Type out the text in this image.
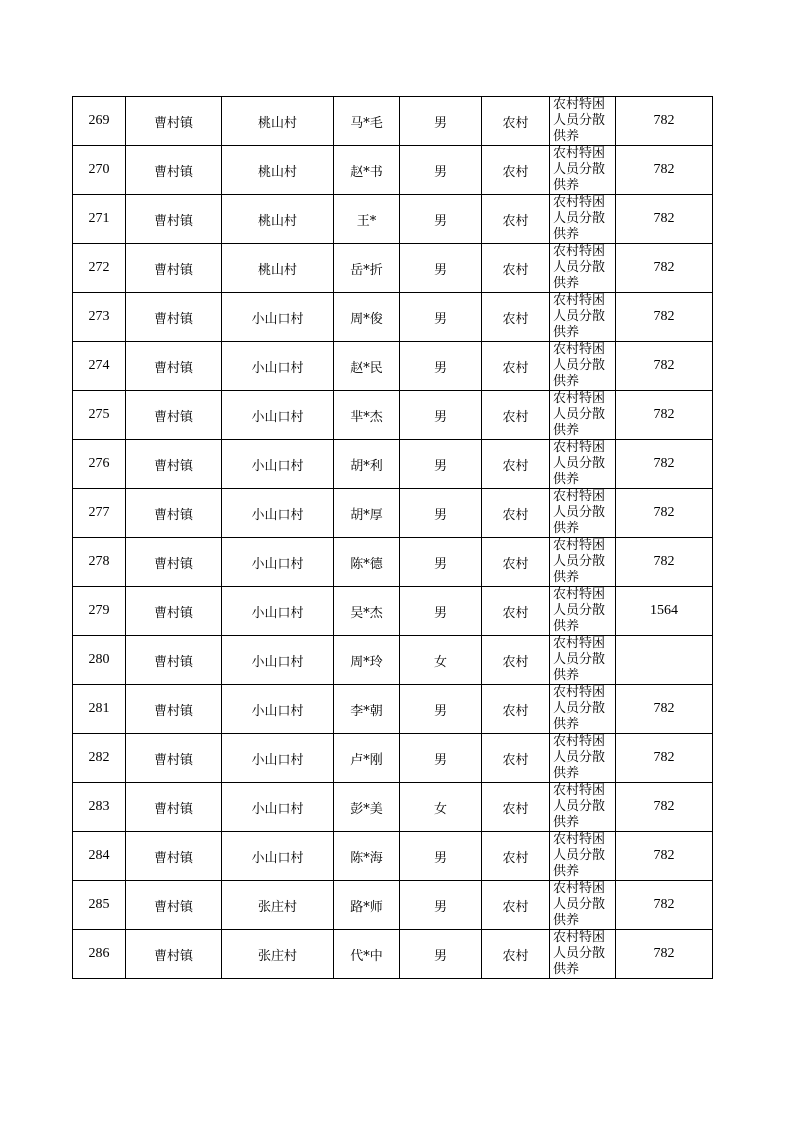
269	曹村镇	桃山村	马*毛	男	农村	农村特困人员分散供养	782
270	曹村镇	桃山村	赵*书	男	农村	农村特困人员分散供养	782
271	曹村镇	桃山村	王*	男	农村	农村特困人员分散供养	782
272	曹村镇	桃山村	岳*折	男	农村	农村特困人员分散供养	782
273	曹村镇	小山口村	周*俊	男	农村	农村特困人员分散供养	782
274	曹村镇	小山口村	赵*民	男	农村	农村特困人员分散供养	782
275	曹村镇	小山口村	芈*杰	男	农村	农村特困人员分散供养	782
276	曹村镇	小山口村	胡*利	男	农村	农村特困人员分散供养	782
277	曹村镇	小山口村	胡*厚	男	农村	农村特困人员分散供养	782
278	曹村镇	小山口村	陈*德	男	农村	农村特困人员分散供养	782
279	曹村镇	小山口村	吴*杰	男	农村	农村特困人员分散供养	1564
280	曹村镇	小山口村	周*玲	女	农村	农村特困人员分散供养	

281	曹村镇	小山口村	李*朝	男	农村	农村特困人员分散供养	782
282	曹村镇	小山口村	卢*刚	男	农村	农村特困人员分散供养	782
283	曹村镇	小山口村	彭*美	女	农村	农村特困人员分散供养	782
284	曹村镇	小山口村	陈*海	男	农村	农村特困人员分散供养	782
285	曹村镇	张庄村	路*师	男	农村	农村特困人员分散供养	782
286	曹村镇	张庄村	代*中	男	农村	农村特困人员分散供养	782
